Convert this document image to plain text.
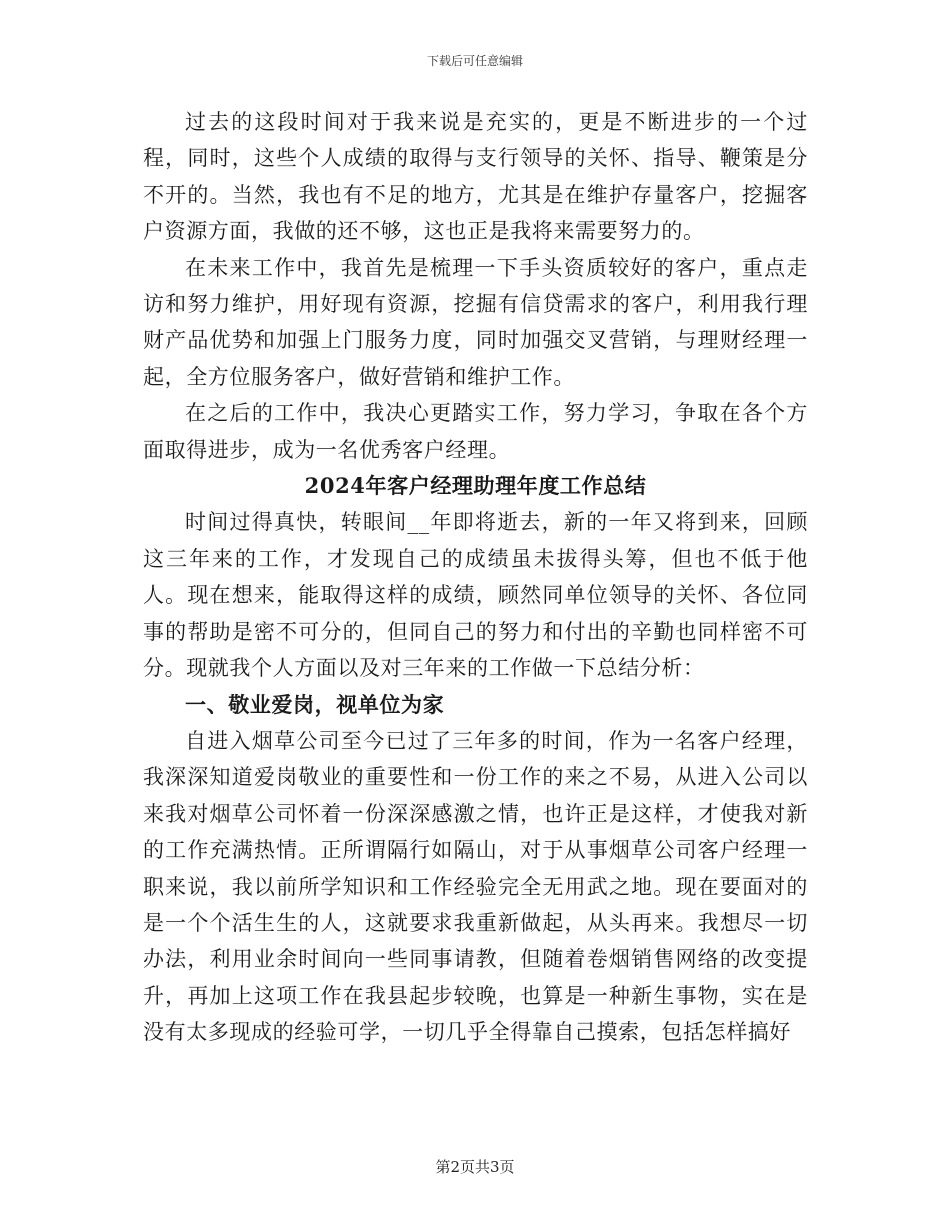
下载后可任意编辑

过去的这段时间对于我来说是充实的，更是不断进步的一个过程，同时，这些个人成绩的取得与支行领导的关怀、指导、鞭策是分不开的。当然，我也有不足的地方，尤其是在维护存量客户，挖掘客户资源方面，我做的还不够，这也正是我将来需要努力的。

在未来工作中，我首先是梳理一下手头资质较好的客户，重点走访和努力维护，用好现有资源，挖掘有信贷需求的客户，利用我行理财产品优势和加强上门服务力度，同时加强交叉营销，与理财经理一起，全方位服务客户，做好营销和维护工作。

在之后的工作中，我决心更踏实工作，努力学习，争取在各个方面取得进步，成为一名优秀客户经理。

2024年客户经理助理年度工作总结

时间过得真快，转眼间__年即将逝去，新的一年又将到来，回顾这三年来的工作，才发现自己的成绩虽未拔得头筹，但也不低于他人。现在想来，能取得这样的成绩，顾然同单位领导的关怀、各位同事的帮助是密不可分的，但同自己的努力和付出的辛勤也同样密不可分。现就我个人方面以及对三年来的工作做一下总结分析：

一、敬业爱岗，视单位为家

自进入烟草公司至今已过了三年多的时间，作为一名客户经理，我深深知道爱岗敬业的重要性和一份工作的来之不易，从进入公司以来我对烟草公司怀着一份深深感激之情，也许正是这样，才使我对新的工作充满热情。正所谓隔行如隔山，对于从事烟草公司客户经理一职来说，我以前所学知识和工作经验完全无用武之地。现在要面对的是一个个活生生的人，这就要求我重新做起，从头再来。我想尽一切办法，利用业余时间向一些同事请教，但随着卷烟销售网络的改变提升，再加上这项工作在我县起步较晚，也算是一种新生事物，实在是没有太多现成的经验可学，一切几乎全得靠自己摸索，包括怎样搞好

第2页共3页
